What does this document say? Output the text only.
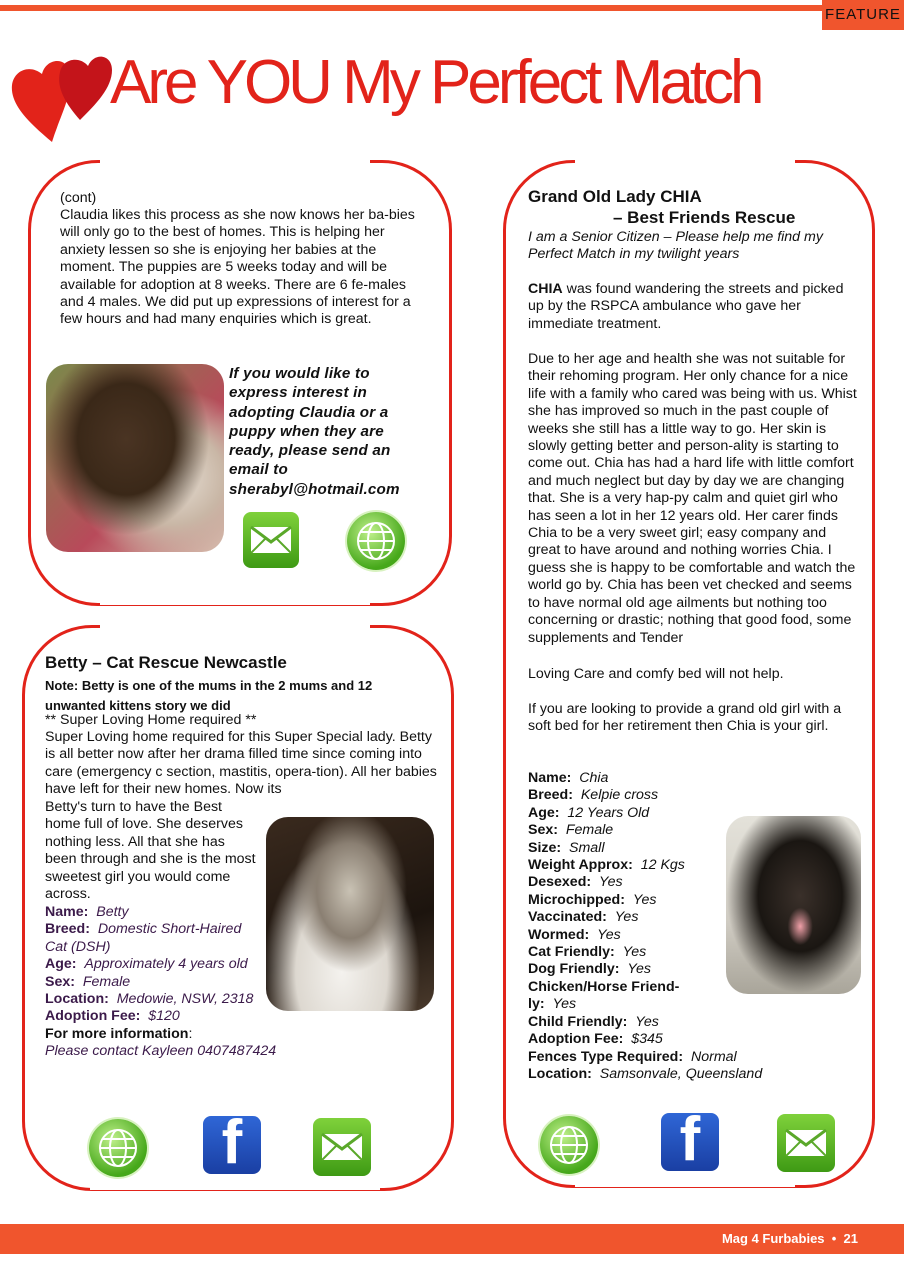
FEATURE
Are YOU My Perfect Match
(cont)
Claudia likes this process as she now knows her ba-bies will only go to the best of homes. This is helping her anxiety lessen so she is enjoying her babies at the moment. The puppies are 5 weeks today and will be available for adoption at 8 weeks. There are 6 fe-males and 4 males. We did put up expressions of interest for a few hours and had many enquiries which is great.
If you would like to express interest in adopting Claudia or a puppy when they are ready, please send an email to sherabyl@hotmail.com
Betty – Cat Rescue Newcastle
Note: Betty is one of the mums in the 2 mums and 12 unwanted kittens story we did
** Super Loving Home required **
Super Loving home required for this Super Special lady. Betty is all better now after her drama filled time since coming into care (emergency c section, mastitis, opera-tion). All her babies have left for their new homes. Now its
Betty's turn to have the Best home full of love. She deserves nothing less. All that she has been through and she is the most sweetest girl you would come across.
Name: Betty
Breed: Domestic Short-Haired Cat (DSH)
Age: Approximately 4 years old
Sex: Female
Location: Medowie, NSW, 2318
Adoption Fee: $120
For more information:
Please contact Kayleen 0407487424
f
Grand Old Lady CHIA
– Best Friends Rescue
I am a Senior Citizen – Please help me find my Perfect Match in my twilight years
CHIA was found wandering the streets and picked up by the RSPCA ambulance who gave her immediate treatment.
Due to her age and health she was not suitable for their rehoming program. Her only chance for a nice life with a family who cared was being with us. Whist she has improved so much in the past couple of weeks she still has a little way to go. Her skin is slowly getting better and person-ality is starting to come out. Chia has had a hard life with little comfort and much neglect but day by day we are changing that. She is a very hap-py calm and quiet girl who has seen a lot in her 12 years old. Her carer finds Chia to be a very sweet girl; easy company and great to have around and nothing worries Chia. I guess she is happy to be comfortable and watch the world go by. Chia has been vet checked and seems to have normal old age ailments but nothing too concerning or drastic; nothing that good food, some supplements and Tender
Loving Care and comfy bed will not help.
If you are looking to provide a grand old girl with a soft bed for her retirement then Chia is your girl.
Name: Chia
Breed: Kelpie cross
Age: 12 Years Old
Sex: Female
Size: Small
Weight Approx: 12 Kgs
Desexed: Yes
Microchipped: Yes
Vaccinated: Yes
Wormed: Yes
Cat Friendly: Yes
Dog Friendly: Yes
Chicken/Horse Friend-ly: Yes
Child Friendly: Yes
Adoption Fee: $345
Fences Type Required: Normal
Location: Samsonvale, Queensland
f
Mag 4 Furbabies  •  21
